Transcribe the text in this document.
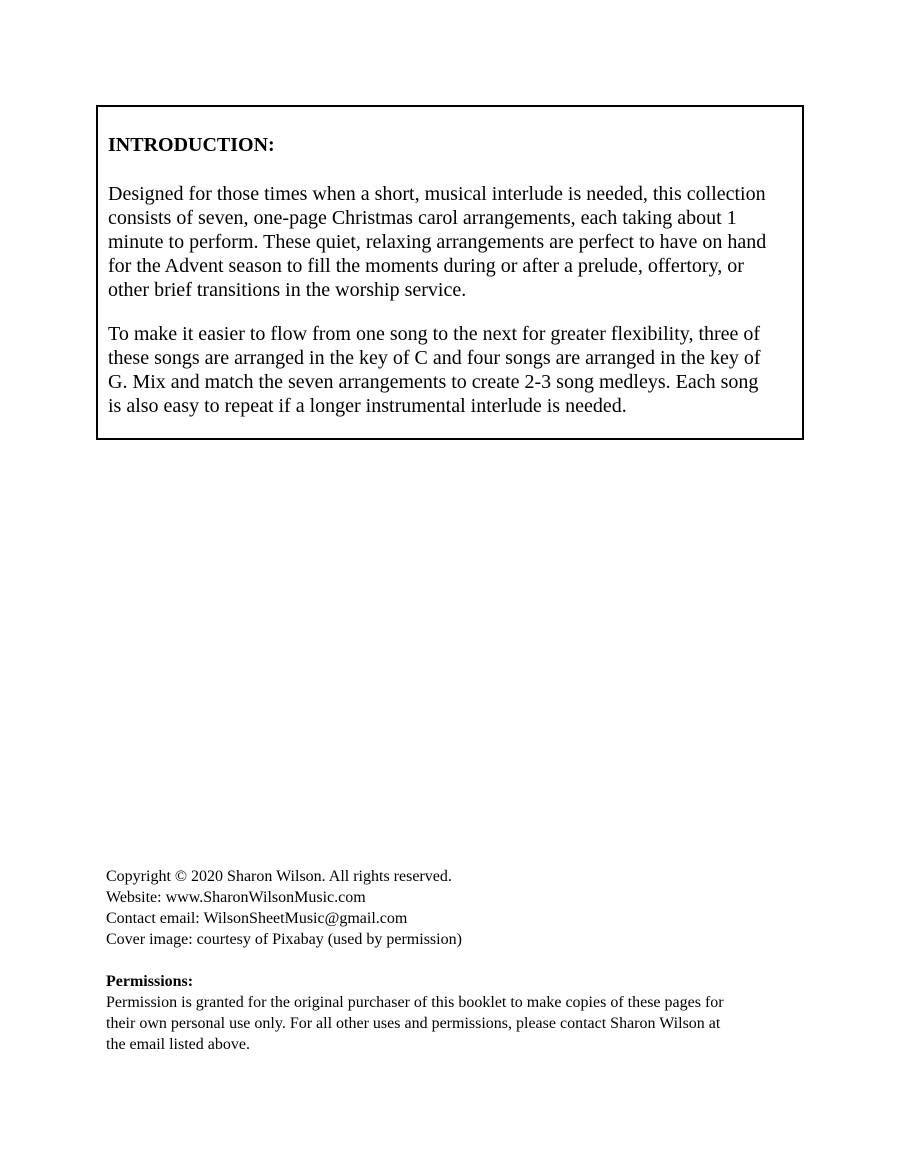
INTRODUCTION:
Designed for those times when a short, musical interlude is needed, this collection
consists of seven, one-page Christmas carol arrangements, each taking about 1
minute to perform. These quiet, relaxing arrangements are perfect to have on hand
for the Advent season to fill the moments during or after a prelude, offertory, or
other brief transitions in the worship service.
To make it easier to flow from one song to the next for greater flexibility, three of
these songs are arranged in the key of C and four songs are arranged in the key of
G. Mix and match the seven arrangements to create 2-3 song medleys. Each song
is also easy to repeat if a longer instrumental interlude is needed.
Copyright © 2020 Sharon Wilson. All rights reserved.
Website: www.SharonWilsonMusic.com
Contact email: WilsonSheetMusic@gmail.com
Cover image: courtesy of Pixabay (used by permission)
Permissions:
Permission is granted for the original purchaser of this booklet to make copies of these pages for
their own personal use only. For all other uses and permissions, please contact Sharon Wilson at
the email listed above.
